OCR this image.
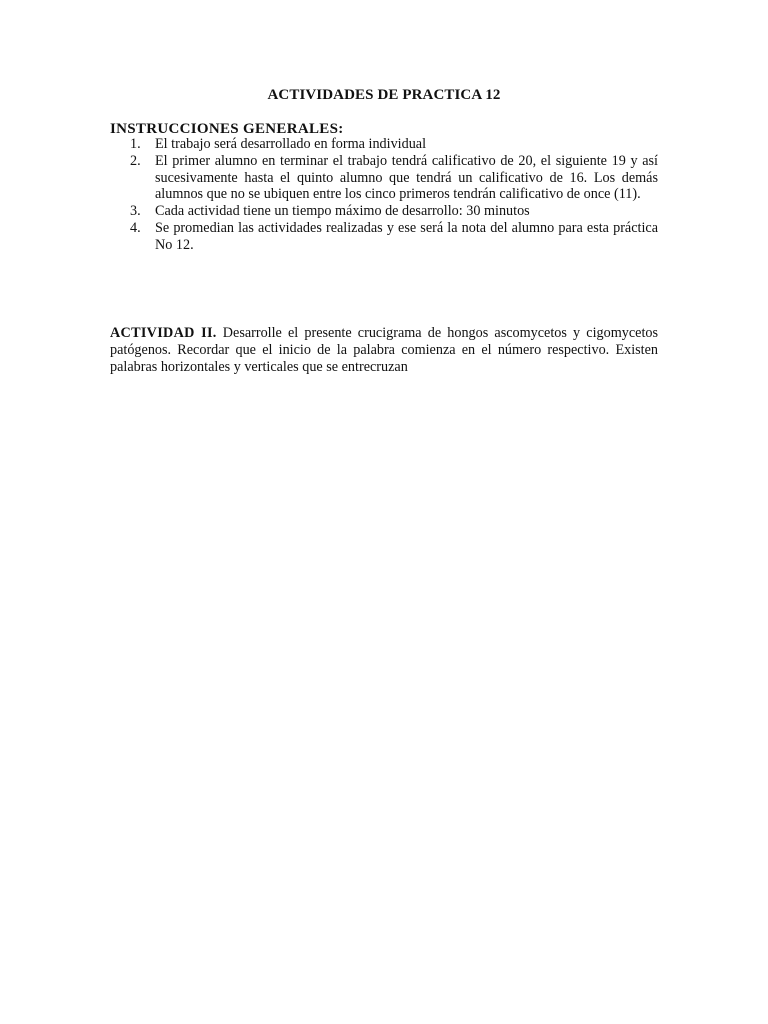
ACTIVIDADES DE PRACTICA 12
INSTRUCCIONES GENERALES:
1. El trabajo será desarrollado en forma individual
2. El primer alumno en terminar el trabajo tendrá calificativo de 20, el siguiente 19 y así sucesivamente hasta el quinto alumno que tendrá un calificativo de 16. Los demás alumnos que no se ubiquen entre los cinco primeros tendrán calificativo de once (11).
3. Cada actividad tiene un tiempo máximo de desarrollo: 30 minutos
4. Se promedian las actividades realizadas y ese será la nota del alumno para esta práctica No 12.

ACTIVIDAD II. Desarrolle el presente crucigrama de hongos ascomycetos y cigomycetos patógenos. Recordar que el inicio de la palabra comienza en el número respectivo. Existen palabras horizontales y verticales que se entrecruzan
